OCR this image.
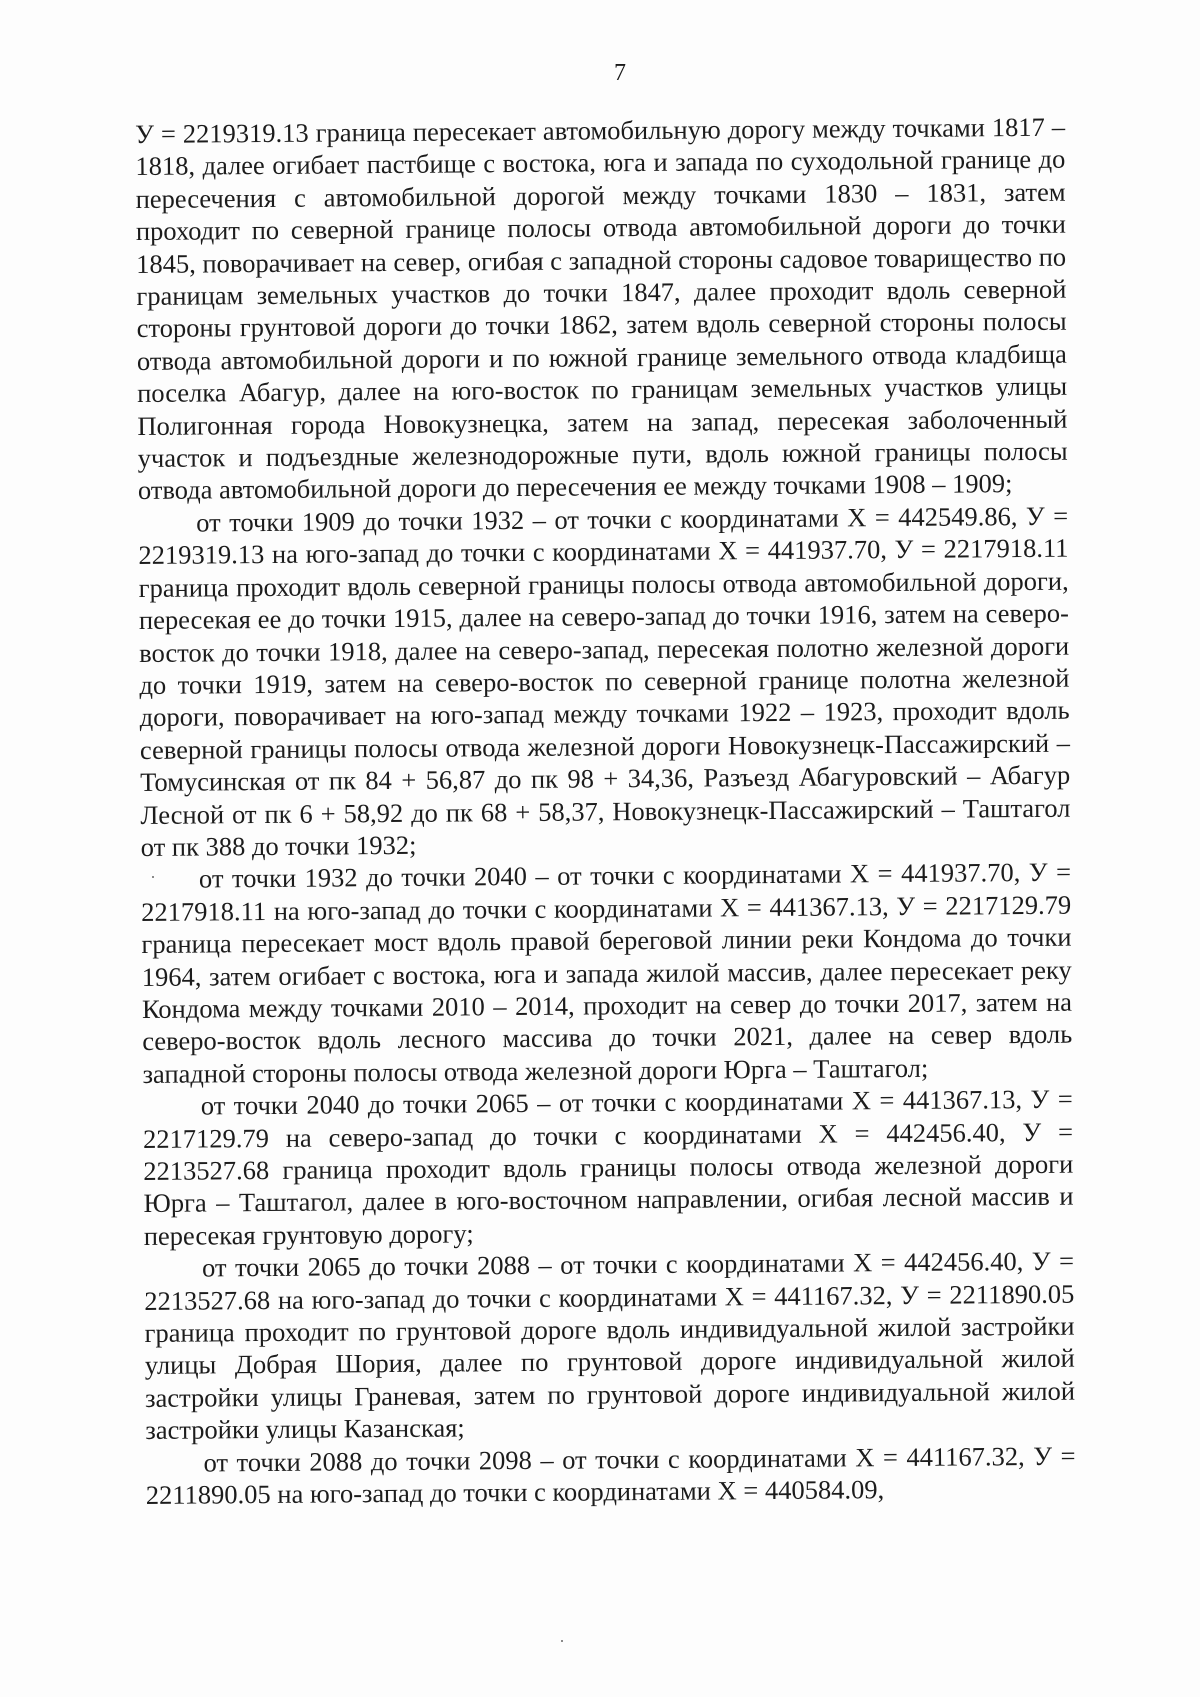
7

У = 2219319.13 граница пересекает автомобильную дорогу между точками 1817 – 1818, далее огибает пастбище с востока, юга и запада по суходольной границе до пересечения с автомобильной дорогой между точками 1830 – 1831, затем проходит по северной границе полосы отвода автомобильной дороги до точки 1845, поворачивает на север, огибая с западной стороны садовое товарищество по границам земельных участков до точки 1847, далее проходит вдоль северной стороны грунтовой дороги до точки 1862, затем вдоль северной стороны полосы отвода автомобильной дороги и по южной границе земельного отвода кладбища поселка Абагур, далее на юго-восток по границам земельных участков улицы Полигонная города Новокузнецка, затем на запад, пересекая заболоченный участок и подъездные железнодорожные пути, вдоль южной границы полосы отвода автомобильной дороги до пересечения ее между точками 1908 – 1909;

от точки 1909 до точки 1932 – от точки с координатами Х = 442549.86, У = 2219319.13 на юго-запад до точки с координатами Х = 441937.70, У = 2217918.11 граница проходит вдоль северной границы полосы отвода автомобильной дороги, пересекая ее до точки 1915, далее на северо-запад до точки 1916, затем на северо-восток до точки 1918, далее на северо-запад, пересекая полотно железной дороги до точки 1919, затем на северо-восток по северной границе полотна железной дороги, поворачивает на юго-запад между точками 1922 – 1923, проходит вдоль северной границы полосы отвода железной дороги Новокузнецк-Пассажирский – Томусинская от пк 84 + 56,87 до пк 98 + 34,36, Разъезд Абагуровский – Абагур Лесной от пк 6 + 58,92 до пк 68 + 58,37, Новокузнецк-Пассажирский – Таштагол от пк 388 до точки 1932;

от точки 1932 до точки 2040 – от точки с координатами Х = 441937.70, У = 2217918.11 на юго-запад до точки с координатами Х = 441367.13, У = 2217129.79 граница пересекает мост вдоль правой береговой линии реки Кондома до точки 1964, затем огибает с востока, юга и запада жилой массив, далее пересекает реку Кондома между точками 2010 – 2014, проходит на север до точки 2017, затем на северо-восток вдоль лесного массива до точки 2021, далее на север вдоль западной стороны полосы отвода железной дороги Юрга – Таштагол;

от точки 2040 до точки 2065 – от точки с координатами Х = 441367.13, У = 2217129.79 на северо-запад до точки с координатами Х = 442456.40, У = 2213527.68 граница проходит вдоль границы полосы отвода железной дороги Юрга – Таштагол, далее в юго-восточном направлении, огибая лесной массив и пересекая грунтовую дорогу;

от точки 2065 до точки 2088 – от точки с координатами Х = 442456.40, У = 2213527.68 на юго-запад до точки с координатами Х = 441167.32, У = 2211890.05 граница проходит по грунтовой дороге вдоль индивидуальной жилой застройки улицы Добрая Шория, далее по грунтовой дороге индивидуальной жилой застройки улицы Граневая, затем по грунтовой дороге индивидуальной жилой застройки улицы Казанская;

от точки 2088 до точки 2098 – от точки с координатами Х = 441167.32, У = 2211890.05 на юго-запад до точки с координатами Х = 440584.09,
